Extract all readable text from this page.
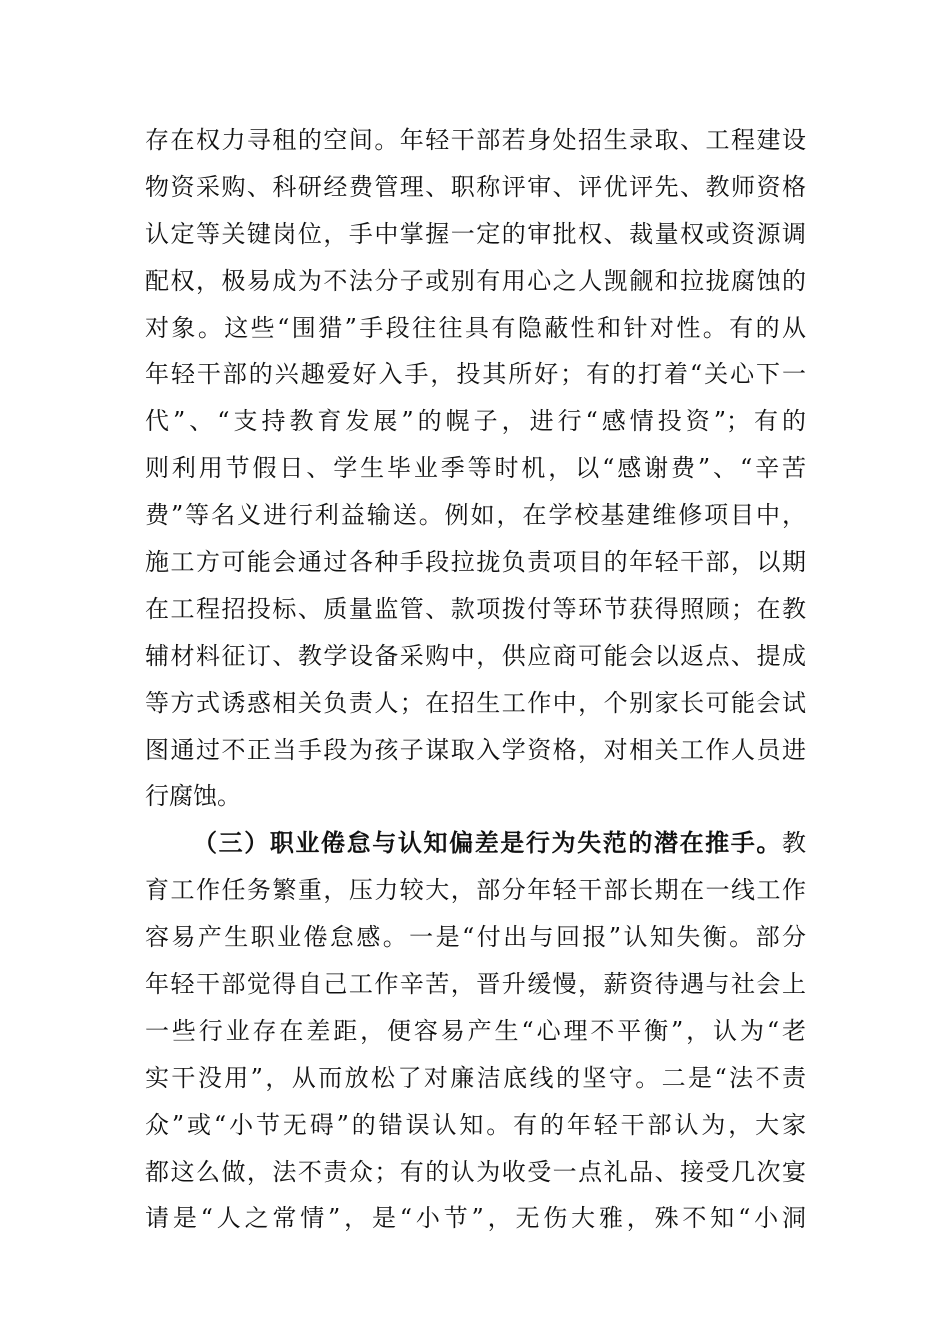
存在权力寻租的空间。年轻干部若身处招生录取、工程建设
物资采购、科研经费管理、职称评审、评优评先、教师资格
认定等关键岗位，手中掌握一定的审批权、裁量权或资源调
配权，极易成为不法分子或别有用心之人觊觎和拉拢腐蚀的
对象。这些“围猎”手段往往具有隐蔽性和针对性。有的从
年轻干部的兴趣爱好入手，投其所好；有的打着“关心下一
代”、“支持教育发展”的幌子，进行“感情投资”；有的
则利用节假日、学生毕业季等时机，以“感谢费”、“辛苦
费”等名义进行利益输送。例如，在学校基建维修项目中，
施工方可能会通过各种手段拉拢负责项目的年轻干部，以期
在工程招投标、质量监管、款项拨付等环节获得照顾；在教
辅材料征订、教学设备采购中，供应商可能会以返点、提成
等方式诱惑相关负责人；在招生工作中，个别家长可能会试
图通过不正当手段为孩子谋取入学资格，对相关工作人员进
行腐蚀。
（三）职业倦怠与认知偏差是行为失范的潜在推手。教
育工作任务繁重，压力较大，部分年轻干部长期在一线工作
容易产生职业倦怠感。一是“付出与回报”认知失衡。部分
年轻干部觉得自己工作辛苦，晋升缓慢，薪资待遇与社会上
一些行业存在差距，便容易产生“心理不平衡”，认为“老
实干没用”，从而放松了对廉洁底线的坚守。二是“法不责
众”或“小节无碍”的错误认知。有的年轻干部认为，大家
都这么做，法不责众；有的认为收受一点礼品、接受几次宴
请是“人之常情”，是“小节”，无伤大雅，殊不知“小洞
